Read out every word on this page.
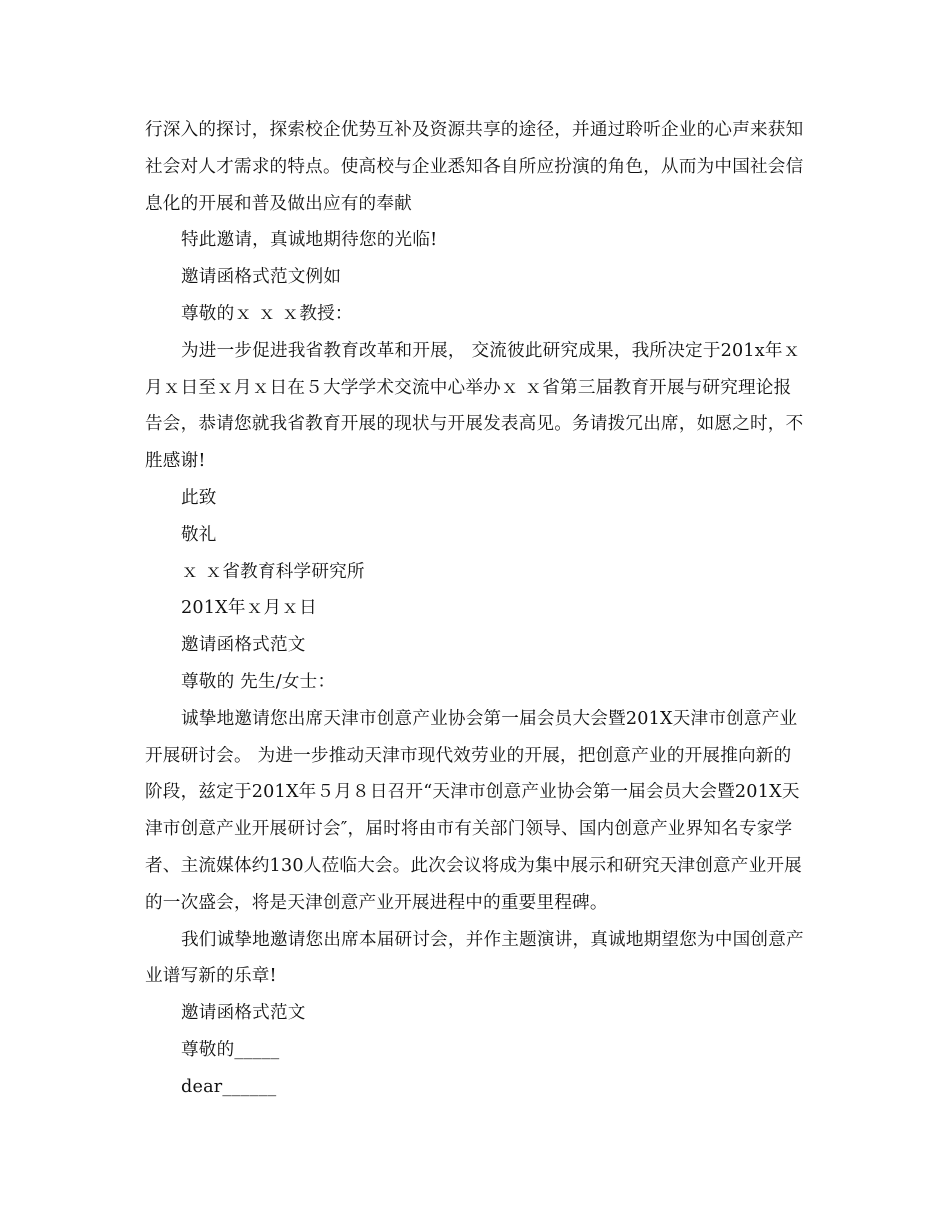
行深入的探讨，探索校企优势互补及资源共享的途径，并通过聆听企业的心声来获知社会对人才需求的特点。使高校与企业悉知各自所应扮演的角色，从而为中国社会信息化的开展和普及做出应有的奉献

特此邀请，真诚地期待您的光临!

邀请函格式范文例如

尊敬的ｘ ｘ ｘ教授：

为进一步促进我省教育改革和开展， 交流彼此研究成果，我所决定于201x年ｘ月ｘ日至ｘ月ｘ日在５大学学术交流中心举办ｘ ｘ省第三届教育开展与研究理论报告会，恭请您就我省教育开展的现状与开展发表高见。务请拨冗出席，如愿之时，不胜感谢!

此致

敬礼

ｘ ｘ省教育科学研究所

201X年ｘ月ｘ日

邀请函格式范文

尊敬的 先生/女士：

诚挚地邀请您出席天津市创意产业协会第一届会员大会暨201X天津市创意产业开展研讨会。 为进一步推动天津市现代效劳业的开展，把创意产业的开展推向新的阶段，兹定于201X年５月８日召开“天津市创意产业协会第一届会员大会暨201X天津市创意产业开展研讨会″，届时将由市有关部门领导、国内创意产业界知名专家学者、主流媒体约130人莅临大会。此次会议将成为集中展示和研究天津创意产业开展的一次盛会，将是天津创意产业开展进程中的重要里程碑。

我们诚挚地邀请您出席本届研讨会，并作主题演讲，真诚地期望您为中国创意产业谱写新的乐章!

邀请函格式范文

尊敬的_____

dear______
